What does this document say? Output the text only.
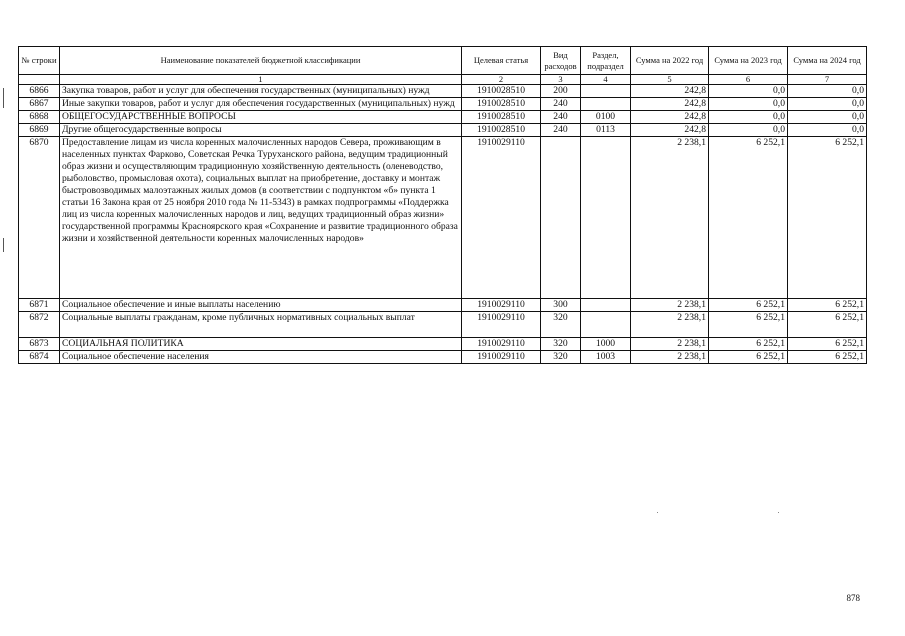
№ строки	Наименование показателей бюджетной классификации	Целевая статья	Вид расходов	Раздел, подраздел	Сумма на 2022 год	Сумма на 2023 год	Сумма на 2024 год
	1	2	3	4	5	6	7
6866	Закупка товаров, работ и услуг для обеспечения государственных (муниципальных) нужд	1910028510	200		242,8	0,0	0,0
6867	Иные закупки товаров, работ и услуг для обеспечения государственных (муниципальных) нужд	1910028510	240		242,8	0,0	0,0
6868	ОБЩЕГОСУДАРСТВЕННЫЕ ВОПРОСЫ	1910028510	240	0100	242,8	0,0	0,0
6869	Другие общегосударственные вопросы	1910028510	240	0113	242,8	0,0	0,0
6870	Предоставление лицам из числа коренных малочисленных народов Севера, проживающим в населенных пунктах Фарково, Советская Речка Туруханского района, ведущим традиционный образ жизни и осуществляющим традиционную хозяйственную деятельность (оленеводство, рыболовство, промысловая охота), социальных выплат на приобретение, доставку и монтаж быстровозводимых малоэтажных жилых домов (в соответствии с подпунктом «б» пункта 1 статьи 16 Закона края от 25 ноября 2010 года № 11-5343) в рамках подпрограммы «Поддержка лиц из числа коренных малочисленных народов и лиц, ведущих традиционный образ жизни» государственной программы Красноярского края «Сохранение и развитие традиционного образа жизни и хозяйственной деятельности коренных малочисленных народов»	1910029110			2 238,1	6 252,1	6 252,1
6871	Социальное обеспечение и иные выплаты населению	1910029110	300		2 238,1	6 252,1	6 252,1
6872	Социальные выплаты гражданам, кроме публичных нормативных социальных выплат	1910029110	320		2 238,1	6 252,1	6 252,1
6873	СОЦИАЛЬНАЯ ПОЛИТИКА	1910029110	320	1000	2 238,1	6 252,1	6 252,1
6874	Социальное обеспечение населения	1910029110	320	1003	2 238,1	6 252,1	6 252,1
878
